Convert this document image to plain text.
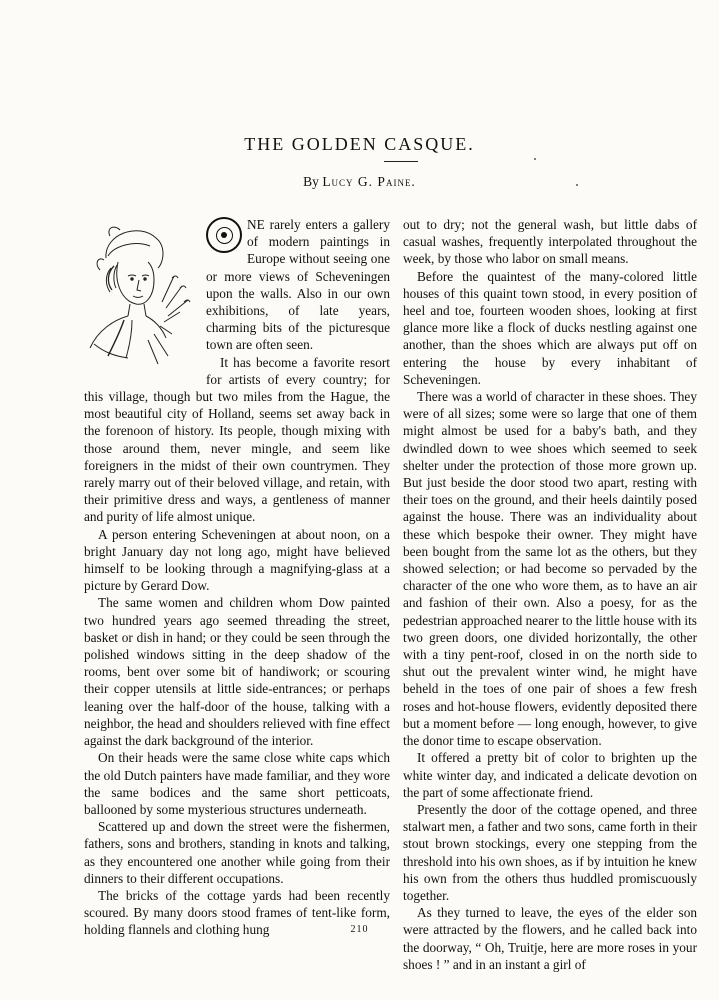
THE GOLDEN CASQUE.
By Lucy G. Paine.

NE rarely enters a gallery of modern paintings in Europe without seeing one or more views of Scheveningen upon the walls. Also in our own exhibitions, of late years, charming bits of the picturesque town are often seen.

It has become a favorite resort for artists of every country; for this village, though but two miles from the Hague, the most beautiful city of Holland, seems set away back in the forenoon of history. Its people, though mixing with those around them, never mingle, and seem like foreigners in the midst of their own countrymen. They rarely marry out of their beloved village, and retain, with their primitive dress and ways, a gentleness of manner and purity of life almost unique.

A person entering Scheveningen at about noon, on a bright January day not long ago, might have believed himself to be looking through a magnifying-glass at a picture by Gerard Dow.

The same women and children whom Dow painted two hundred years ago seemed threading the street, basket or dish in hand; or they could be seen through the polished windows sitting in the deep shadow of the rooms, bent over some bit of handiwork; or scouring their copper utensils at little side-entrances; or perhaps leaning over the half-door of the house, talking with a neighbor, the head and shoulders relieved with fine effect against the dark background of the interior.

On their heads were the same close white caps which the old Dutch painters have made familiar, and they wore the same bodices and the same short petticoats, ballooned by some mysterious structures underneath.

Scattered up and down the street were the fishermen, fathers, sons and brothers, standing in knots and talking, as they encountered one another while going from their dinners to their different occupations.

The bricks of the cottage yards had been recently scoured. By many doors stood frames of tent-like form, holding flannels and clothing hung

out to dry; not the general wash, but little dabs of casual washes, frequently interpolated throughout the week, by those who labor on small means.

Before the quaintest of the many-colored little houses of this quaint town stood, in every position of heel and toe, fourteen wooden shoes, looking at first glance more like a flock of ducks nestling against one another, than the shoes which are always put off on entering the house by every inhabitant of Scheveningen.

There was a world of character in these shoes. They were of all sizes; some were so large that one of them might almost be used for a baby's bath, and they dwindled down to wee shoes which seemed to seek shelter under the protection of those more grown up. But just beside the door stood two apart, resting with their toes on the ground, and their heels daintily posed against the house. There was an individuality about these which bespoke their owner. They might have been bought from the same lot as the others, but they showed selection; or had become so pervaded by the character of the one who wore them, as to have an air and fashion of their own. Also a poesy, for as the pedestrian approached nearer to the little house with its two green doors, one divided horizontally, the other with a tiny pent-roof, closed in on the north side to shut out the prevalent winter wind, he might have beheld in the toes of one pair of shoes a few fresh roses and hot-house flowers, evidently deposited there but a moment before — long enough, however, to give the donor time to escape observation.

It offered a pretty bit of color to brighten up the white winter day, and indicated a delicate devotion on the part of some affectionate friend.

Presently the door of the cottage opened, and three stalwart men, a father and two sons, came forth in their stout brown stockings, every one stepping from the threshold into his own shoes, as if by intuition he knew his own from the others thus huddled promiscuously together.

As they turned to leave, the eyes of the elder son were attracted by the flowers, and he called back into the doorway, “ Oh, Truitje, here are more roses in your shoes ! ” and in an instant a girl of

210
